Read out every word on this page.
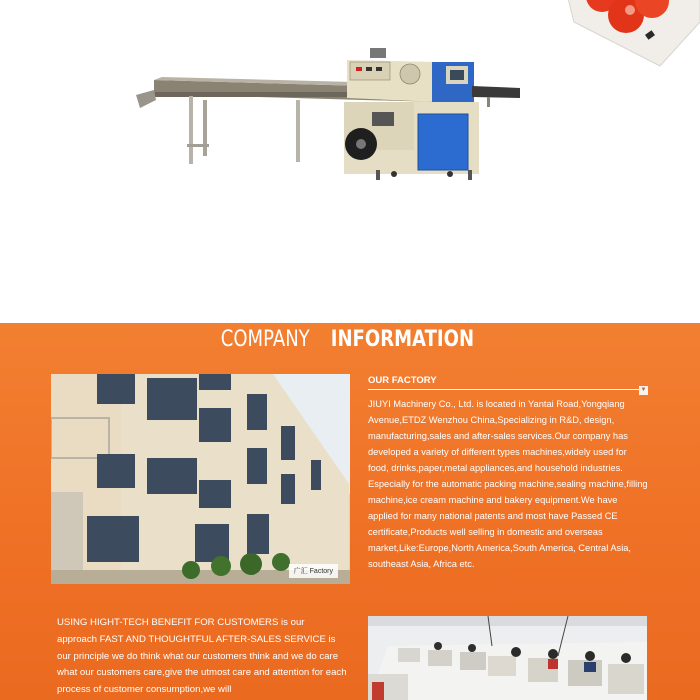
COMPANY INFORMATION
广汇 Factory
OUR FACTORY
▼

JIUYI Machinery Co., Ltd. is located in Yantai Road,Yongqiang Avenue,ETDZ Wenzhou China,Specializing in R&D, design, manufacturing,sales and after-sales services.Our company has developed a variety of different types machines,widely used for food, drinks,paper,metal appliances,and household industries. Especially for the automatic packing machine,sealing machine,filling machine,ice cream machine and bakery equipment.We have applied for many national patents and most have Passed CE certificate,Products well selling in domestic and overseas market,Like:Europe,North America,South America, Central Asia, southeast Asia, Africa etc.

USING HIGHT-TECH BENEFIT FOR CUSTOMERS is our approach FAST AND THOUGHTFUL AFTER-SALES SERVICE is our principle we do think what our customers think and we do care what our customers care,give the utmost care and attention for each process of customer consumption,we will
